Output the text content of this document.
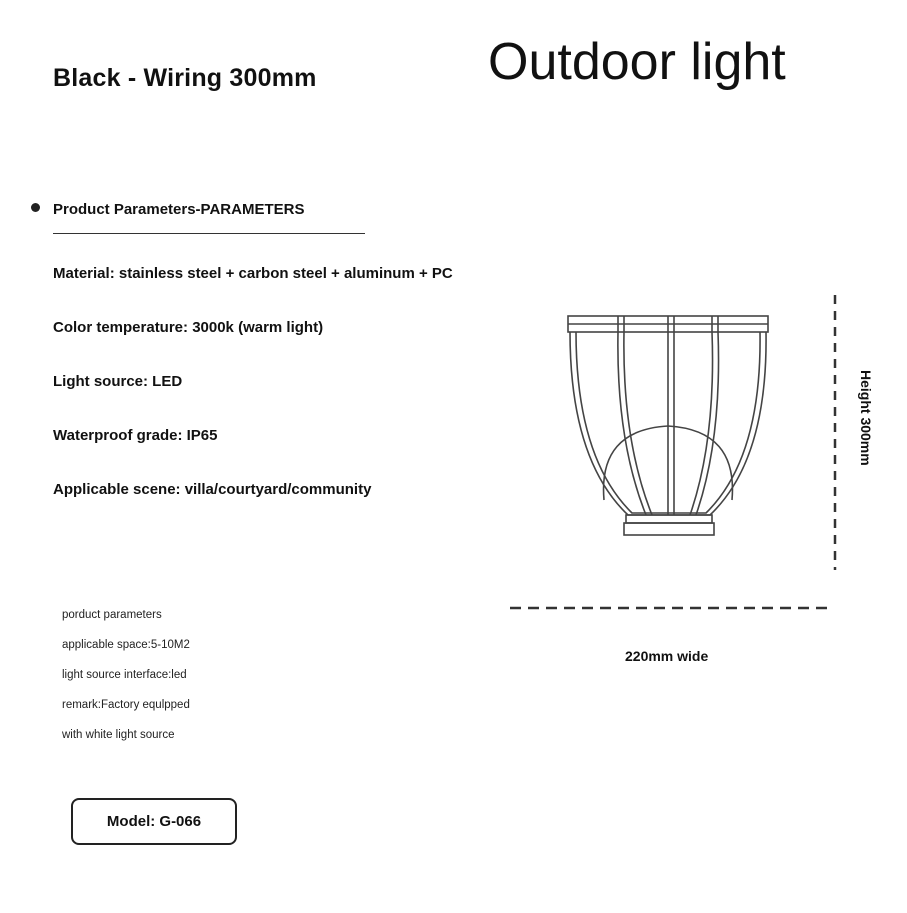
Black - Wiring 300mm	Outdoor light
Product Parameters-PARAMETERS
Material: stainless steel + carbon steel + aluminum + PC
Color temperature: 3000k (warm light)
Light source: LED
Waterproof grade: IP65
Applicable scene: villa/courtyard/community
porduct parameters
applicable space:5-10M2
light source interface:led
remark:Factory equlpped
with white light source
Model: G-066
220mm wide
Height 300mm
